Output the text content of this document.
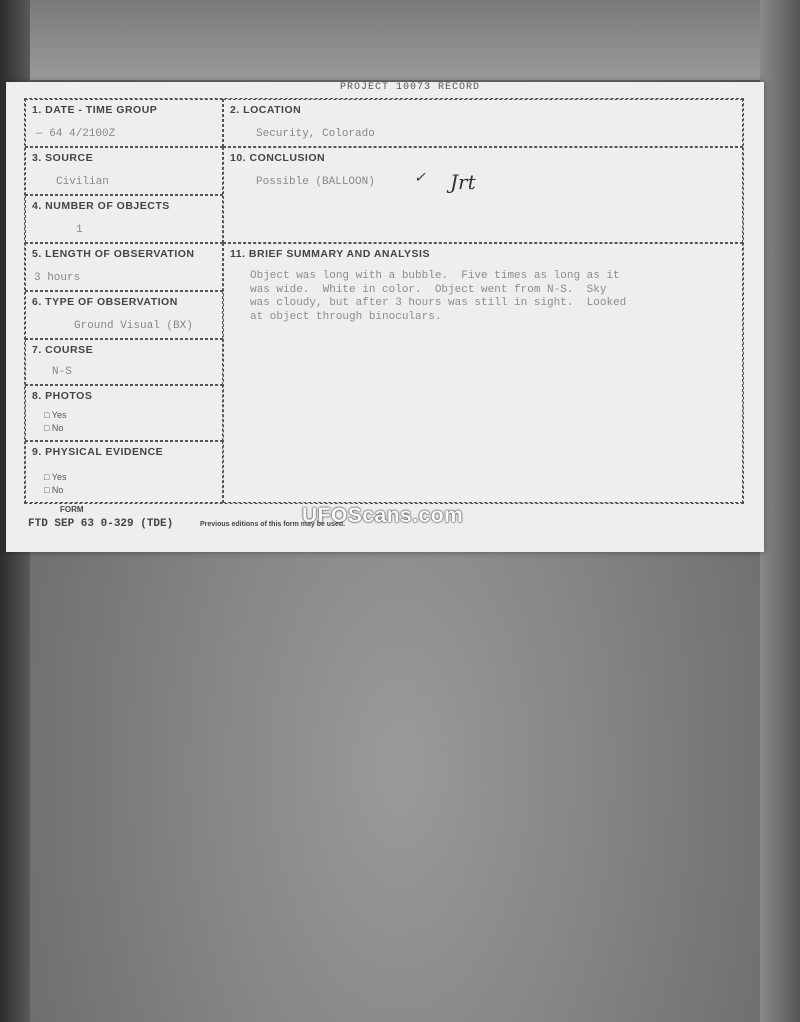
PROJECT 10073 RECORD
1. DATE - TIME GROUP
— 64 4/2100Z
2. LOCATION
Security, Colorado
3. SOURCE
Civilian
10. CONCLUSION
Possible (BALLOON)	✓ Jrt
4. NUMBER OF OBJECTS
1
5. LENGTH OF OBSERVATION
3 hours
11. BRIEF SUMMARY AND ANALYSIS
Object was long with a bubble.  Five times as long as it
was wide.  White in color.  Object went from N-S.  Sky
was cloudy, but after 3 hours was still in sight.  Looked
at object through binoculars.
6. TYPE OF OBSERVATION
Ground Visual (BX)
7. COURSE
N-S
8. PHOTOS
□ Yes
□ No
9. PHYSICAL EVIDENCE
□ Yes
□ No
FORM
FTD SEP 63 0-329 (TDE)	Previous editions of this form may be used.
UFOScans.com
